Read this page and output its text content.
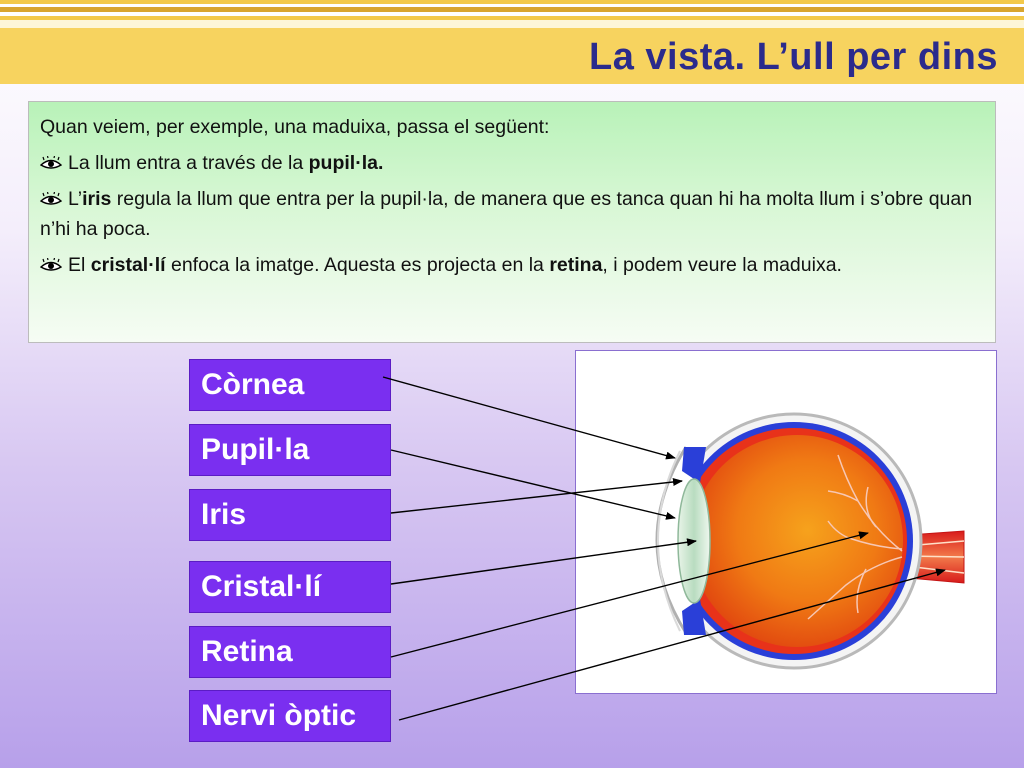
La vista. L’ull per dins

Quan veiem, per exemple, una maduixa, passa el següent:

La llum entra a través de la pupil·la.

L’iris regula la llum que entra per la pupil·la, de manera que es tanca quan hi ha molta llum i s’obre quan n’hi ha poca.

El cristal·lí enfoca la imatge. Aquesta es projecta en la retina, i podem veure la maduixa.

Còrnea
Pupil·la
Iris
Cristal·lí
Retina
Nervi òptic
